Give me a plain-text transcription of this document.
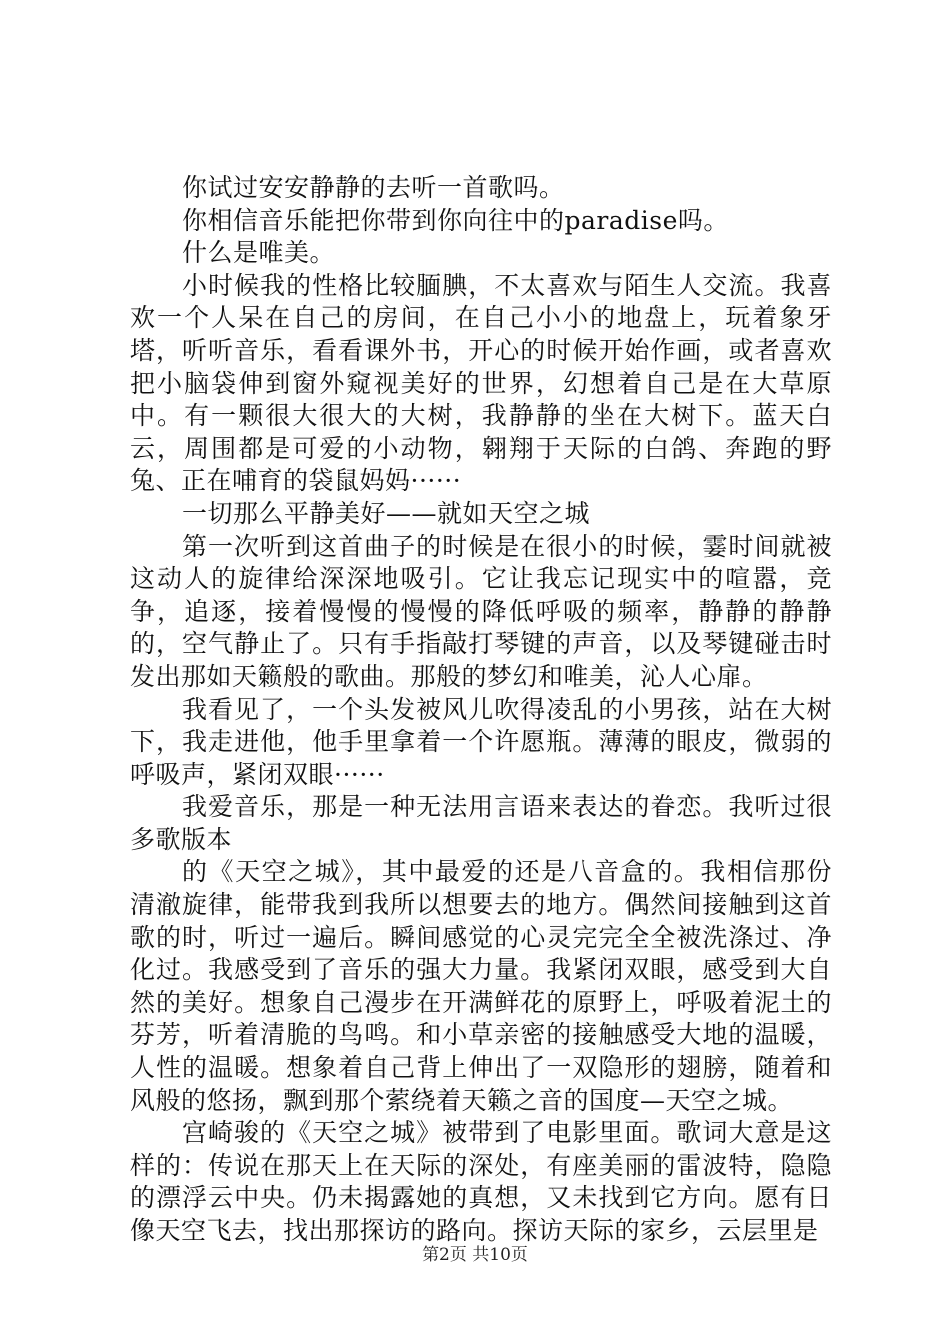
你试过安安静静的去听一首歌吗。

你相信音乐能把你带到你向往中的paradise吗。

什么是唯美。

小时候我的性格比较腼腆，不太喜欢与陌生人交流。我喜欢一个人呆在自己的房间，在自己小小的地盘上，玩着象牙塔，听听音乐，看看课外书，开心的时候开始作画，或者喜欢把小脑袋伸到窗外窥视美好的世界，幻想着自己是在大草原中。有一颗很大很大的大树，我静静的坐在大树下。蓝天白云，周围都是可爱的小动物，翱翔于天际的白鸽、奔跑的野兔、正在哺育的袋鼠妈妈······

一切那么平静美好——就如天空之城

第一次听到这首曲子的时候是在很小的时候，霎时间就被这动人的旋律给深深地吸引。它让我忘记现实中的喧嚣，竞争，追逐，接着慢慢的慢慢的降低呼吸的频率，静静的静静的，空气静止了。只有手指敲打琴键的声音，以及琴键碰击时发出那如天籁般的歌曲。那般的梦幻和唯美，沁人心扉。

我看见了，一个头发被风儿吹得凌乱的小男孩，站在大树下，我走进他，他手里拿着一个许愿瓶。薄薄的眼皮，微弱的呼吸声，紧闭双眼······

我爱音乐，那是一种无法用言语来表达的眷恋。我听过很多歌版本

的《天空之城》，其中最爱的还是八音盒的。我相信那份清澈旋律，能带我到我所以想要去的地方。偶然间接触到这首歌的时，听过一遍后。瞬间感觉的心灵完完全全被洗涤过、净化过。我感受到了音乐的强大力量。我紧闭双眼，感受到大自然的美好。想象自己漫步在开满鲜花的原野上，呼吸着泥土的芬芳，听着清脆的鸟鸣。和小草亲密的接触感受大地的温暖，人性的温暖。想象着自己背上伸出了一双隐形的翅膀，随着和风般的悠扬，飘到那个萦绕着天籁之音的国度—天空之城。

宫崎骏的《天空之城》被带到了电影里面。歌词大意是这样的：传说在那天上在天际的深处，有座美丽的雷波特，隐隐的漂浮云中央。仍未揭露她的真想，又未找到它方向。愿有日像天空飞去，找出那探访的路向。探访天际的家乡，云层里是

第2页 共10页
